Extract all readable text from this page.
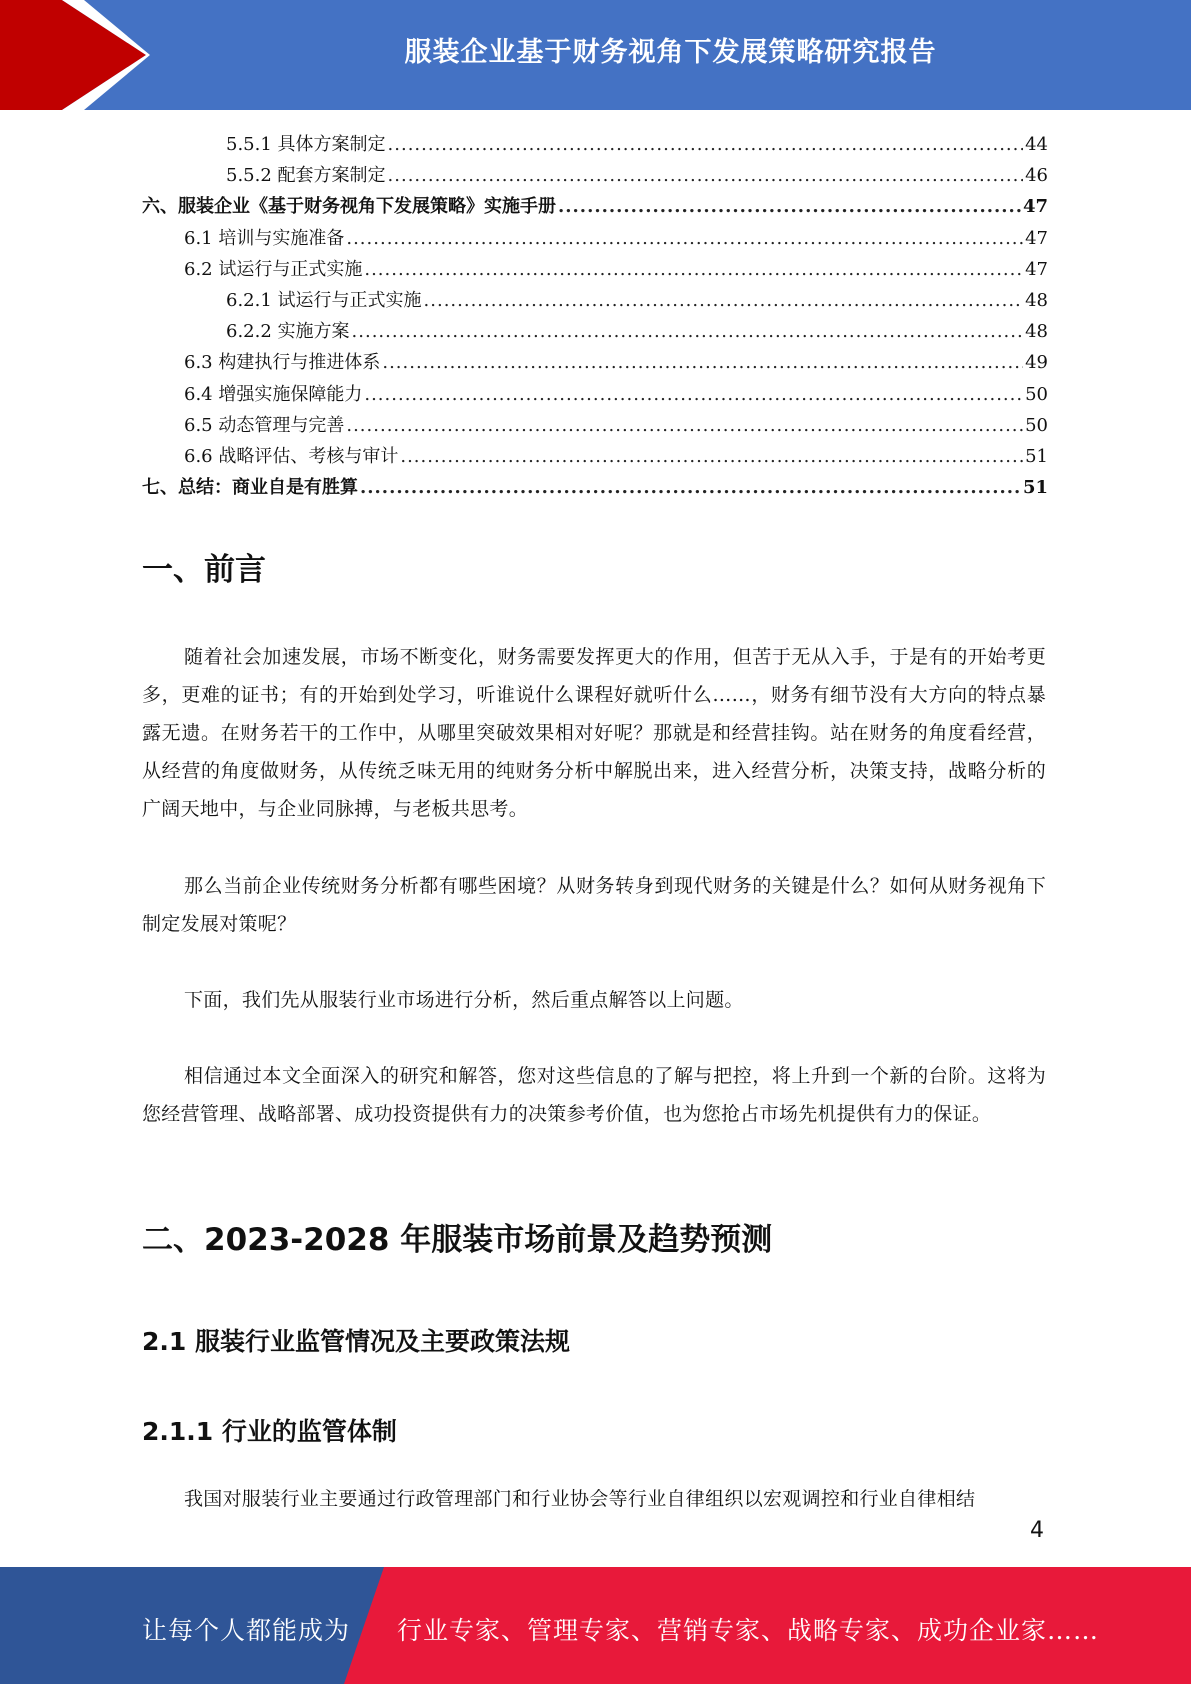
服装企业基于财务视角下发展策略研究报告
5.5.1 具体方案制定 .....	44
5.5.2 配套方案制定 .....	46
六、服装企业《基于财务视角下发展策略》实施手册 .....	47
6.1 培训与实施准备 .....	47
6.2 试运行与正式实施 .....	47
6.2.1 试运行与正式实施 .....	48
6.2.2 实施方案 .....	48
6.3 构建执行与推进体系 .....	49
6.4 增强实施保障能力 .....	50
6.5 动态管理与完善 .....	50
6.6 战略评估、考核与审计 .....	51
七、总结：商业自是有胜算 .....	51
一、前言
随着社会加速发展，市场不断变化，财务需要发挥更大的作用，但苦于无从入手，于是有的开始考更多，更难的证书；有的开始到处学习，听谁说什么课程好就听什么……，财务有细节没有大方向的特点暴露无遗。在财务若干的工作中，从哪里突破效果相对好呢？那就是和经营挂钩。站在财务的角度看经营，从经营的角度做财务，从传统乏味无用的纯财务分析中解脱出来，进入经营分析，决策支持，战略分析的广阔天地中，与企业同脉搏，与老板共思考。
那么当前企业传统财务分析都有哪些困境？从财务转身到现代财务的关键是什么？如何从财务视角下制定发展对策呢？
下面，我们先从服装行业市场进行分析，然后重点解答以上问题。
相信通过本文全面深入的研究和解答，您对这些信息的了解与把控，将上升到一个新的台阶。这将为您经营管理、战略部署、成功投资提供有力的决策参考价值，也为您抢占市场先机提供有力的保证。
二、2023-2028 年服装市场前景及趋势预测
2.1 服装行业监管情况及主要政策法规
2.1.1 行业的监管体制
我国对服装行业主要通过行政管理部门和行业协会等行业自律组织以宏观调控和行业自律相结
4
让每个人都能成为 行业专家、管理专家、营销专家、战略专家、成功企业家……
